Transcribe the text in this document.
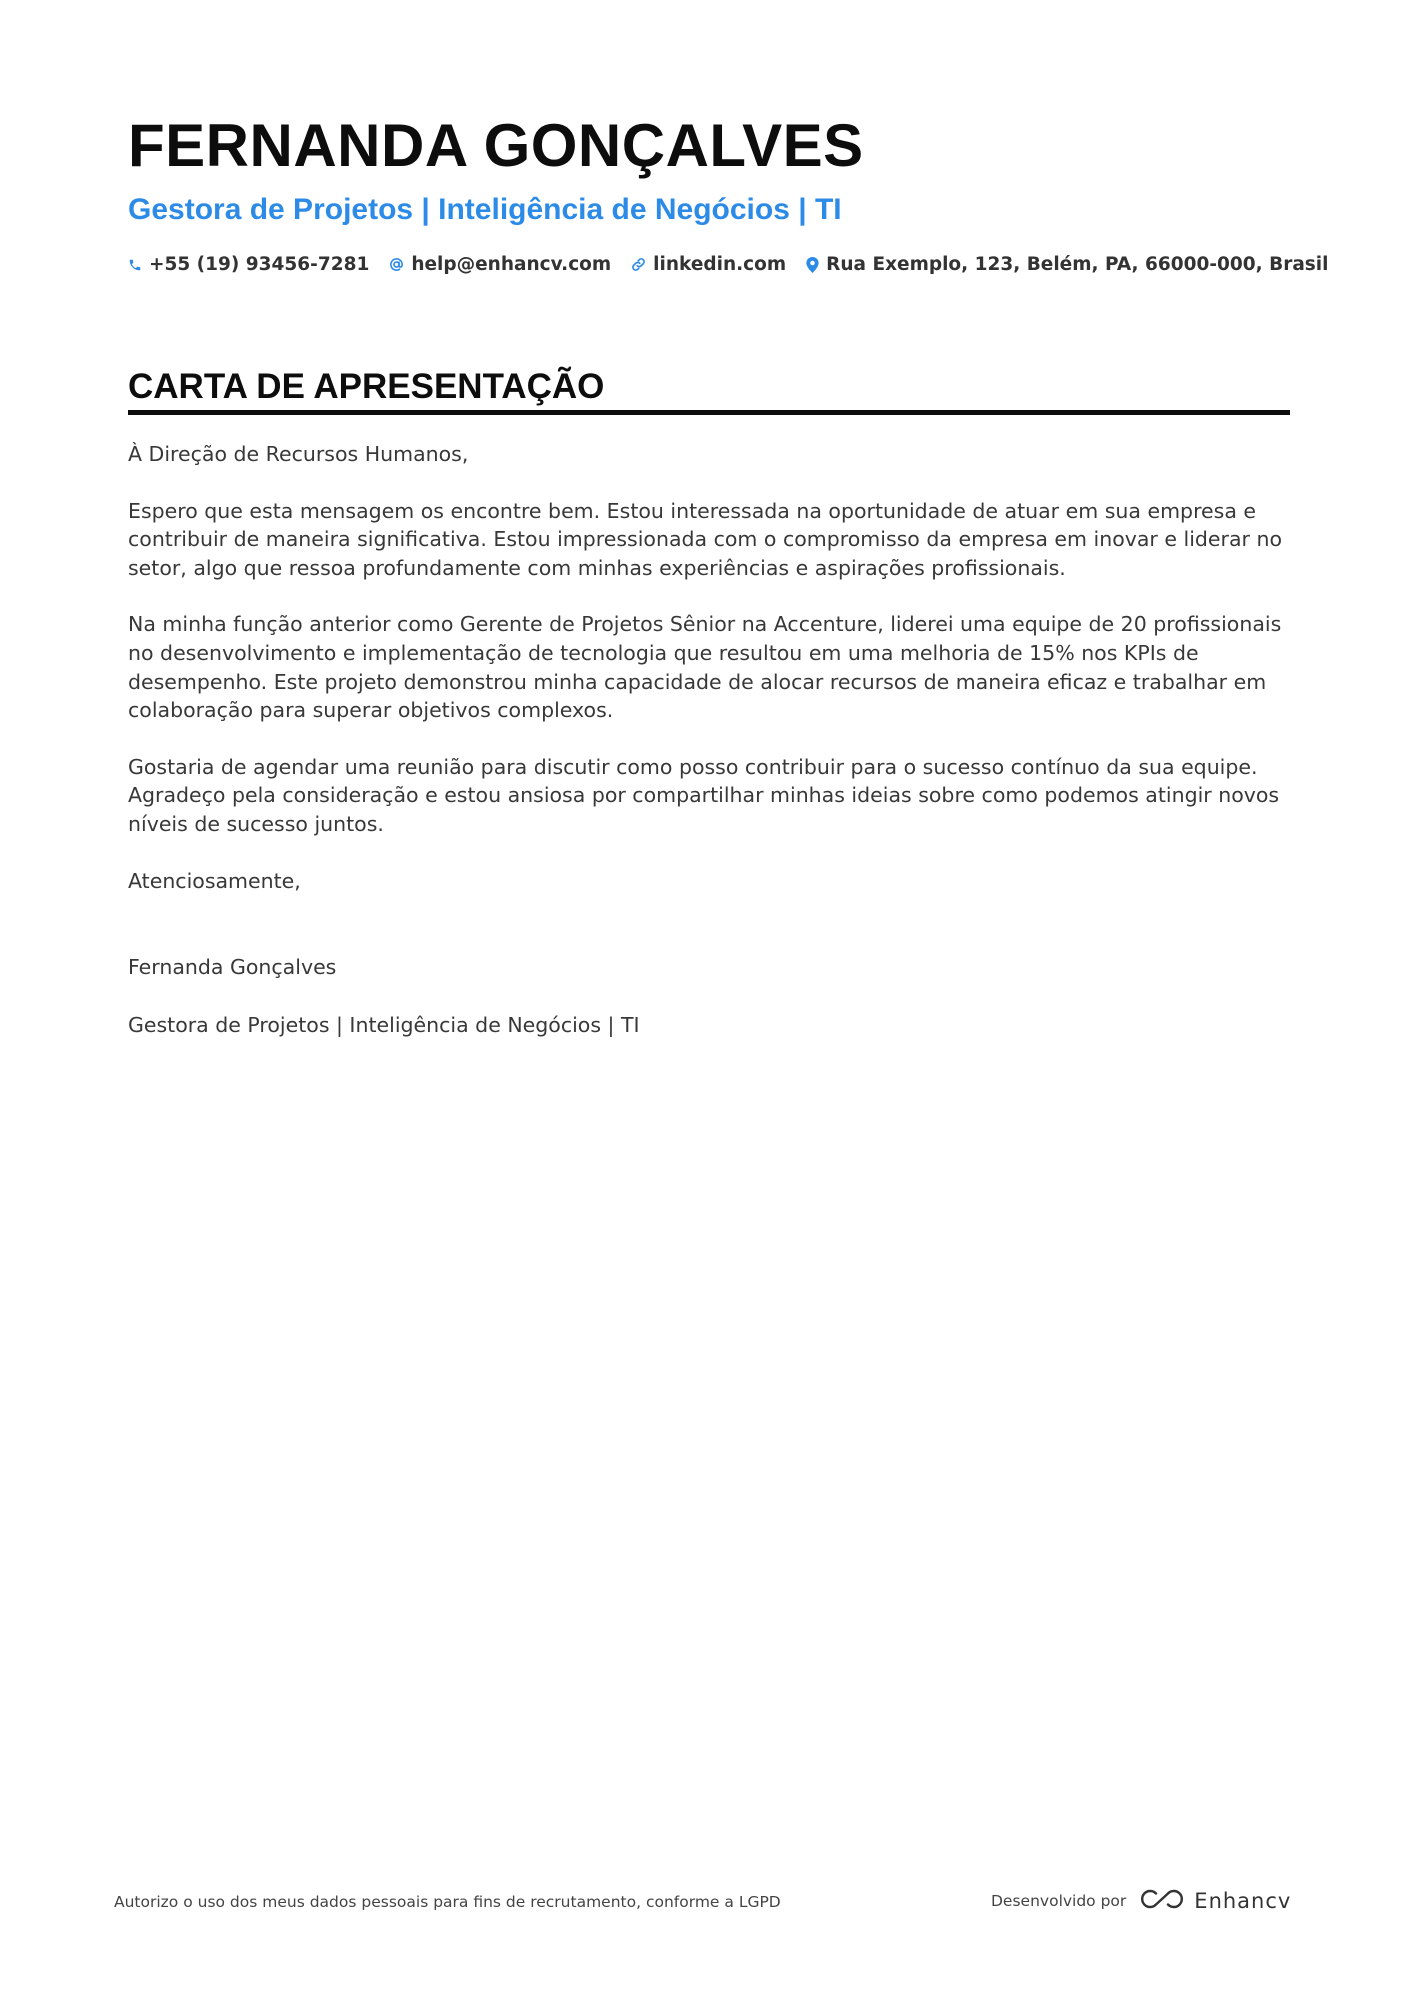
FERNANDA GONÇALVES
Gestora de Projetos | Inteligência de Negócios | TI
+55 (19) 93456-7281 help@enhancv.com linkedin.com Rua Exemplo, 123, Belém, PA, 66000-000, Brasil
CARTA DE APRESENTAÇÃO

À Direção de Recursos Humanos,

Espero que esta mensagem os encontre bem. Estou interessada na oportunidade de atuar em sua empresa e contribuir de maneira significativa. Estou impressionada com o compromisso da empresa em inovar e liderar no setor, algo que ressoa profundamente com minhas experiências e aspirações profissionais.

Na minha função anterior como Gerente de Projetos Sênior na Accenture, liderei uma equipe de 20 profissionais no desenvolvimento e implementação de tecnologia que resultou em uma melhoria de 15% nos KPIs de desempenho. Este projeto demonstrou minha capacidade de alocar recursos de maneira eficaz e trabalhar em colaboração para superar objetivos complexos.

Gostaria de agendar uma reunião para discutir como posso contribuir para o sucesso contínuo da sua equipe. Agradeço pela consideração e estou ansiosa por compartilhar minhas ideias sobre como podemos atingir novos níveis de sucesso juntos.

Atenciosamente,

Fernanda Gonçalves

Gestora de Projetos | Inteligência de Negócios | TI

Autorizo o uso dos meus dados pessoais para fins de recrutamento, conforme a LGPD	Desenvolvido por	Enhancv
